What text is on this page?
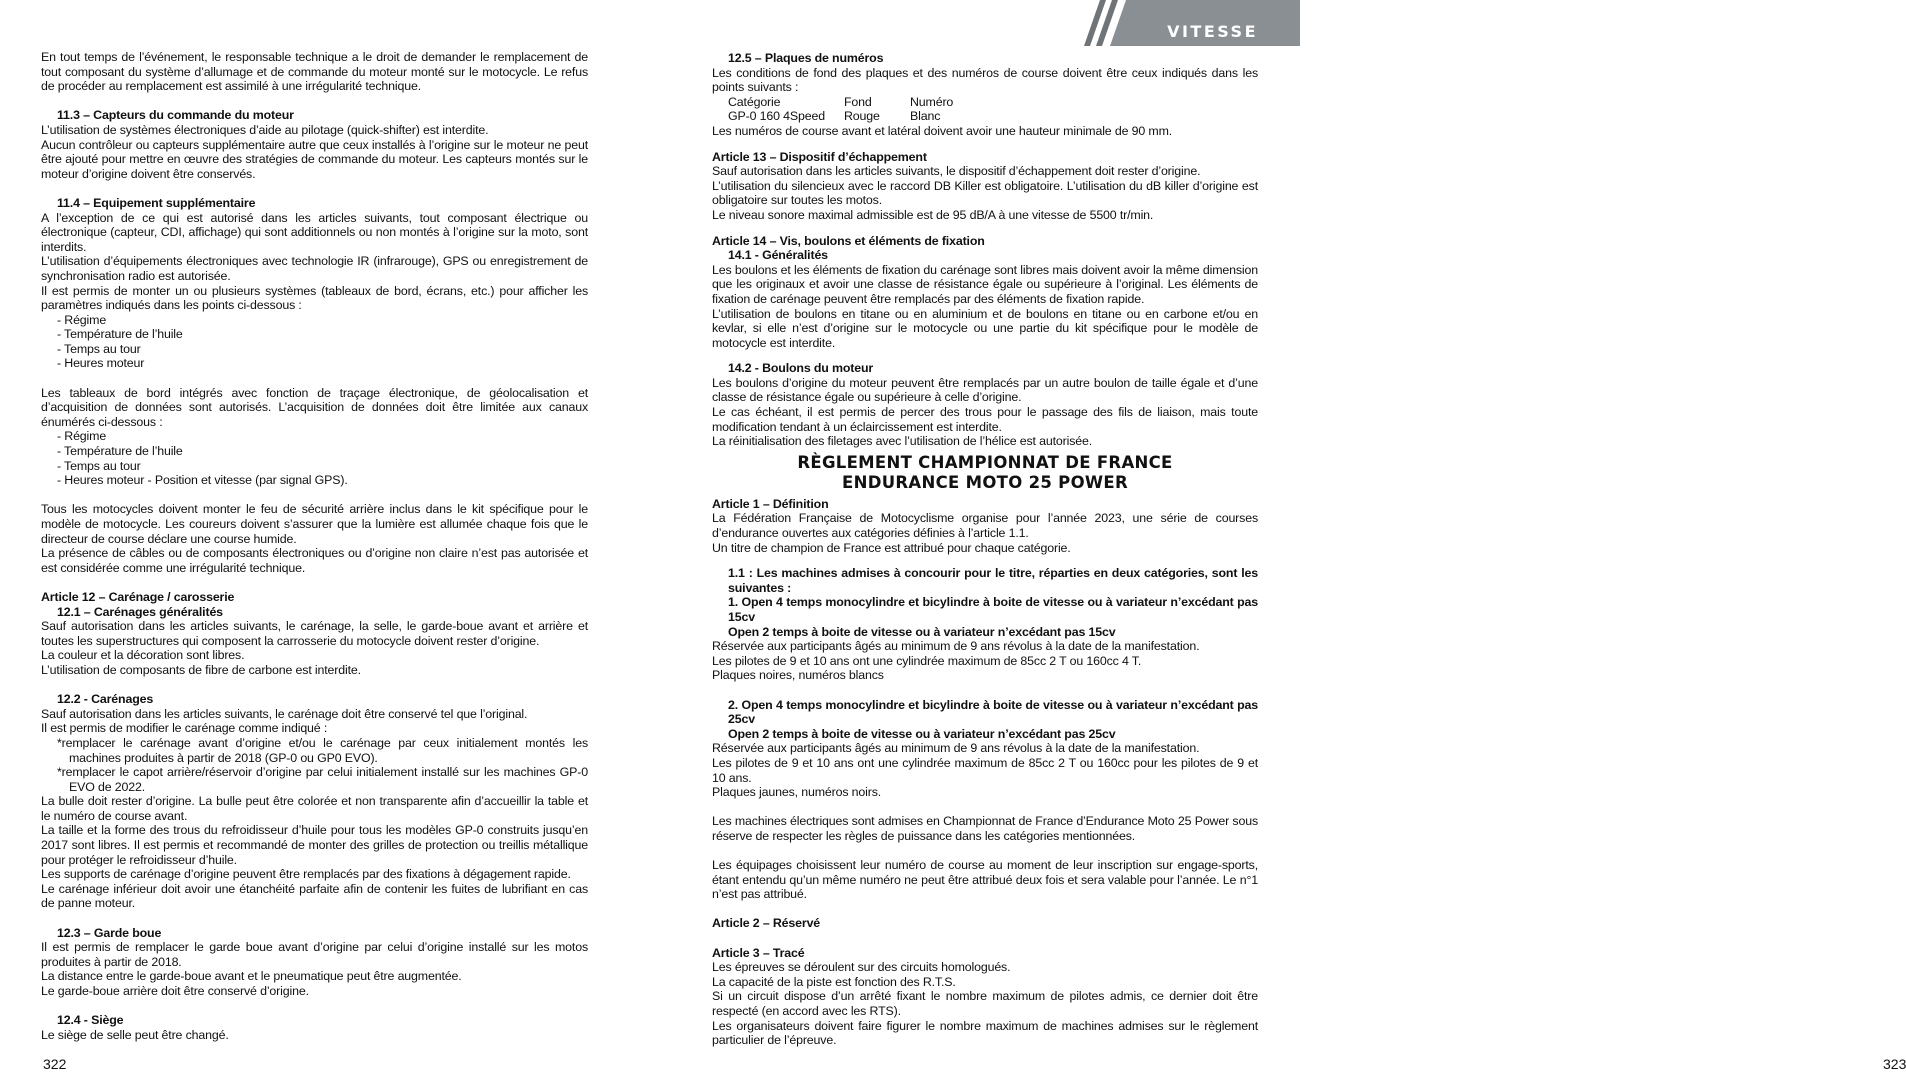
VITESSE

En tout temps de l’événement, le responsable technique a le droit de demander le remplacement de tout composant du système d’allumage et de commande du moteur monté sur le motocycle. Le refus de procéder au remplacement est assimilé à une irrégularité technique.

11.3 – Capteurs du commande du moteur

L’utilisation de systèmes électroniques d’aide au pilotage (quick-shifter) est interdite.

Aucun contrôleur ou capteurs supplémentaire autre que ceux installés à l’origine sur le moteur ne peut être ajouté pour mettre en œuvre des stratégies de commande du moteur. Les capteurs montés sur le moteur d’origine doivent être conservés.

11.4 – Equipement supplémentaire

A l’exception de ce qui est autorisé dans les articles suivants, tout composant électrique ou électronique (capteur, CDI, affichage) qui sont additionnels ou non montés à l’origine sur la moto, sont interdits.

L’utilisation d’équipements électroniques avec technologie IR (infrarouge), GPS ou enregistrement de synchronisation radio est autorisée.

Il est permis de monter un ou plusieurs systèmes (tableaux de bord, écrans, etc.) pour afficher les paramètres indiqués dans les points ci-dessous :

- Régime

- Température de l’huile

- Temps au tour

- Heures moteur

Les tableaux de bord intégrés avec fonction de traçage électronique, de géolocalisation et d’acquisition de données sont autorisés. L’acquisition de données doit être limitée aux canaux énumérés ci-dessous :

- Régime

- Température de l’huile

- Temps au tour

- Heures moteur - Position et vitesse (par signal GPS).

Tous les motocycles doivent monter le feu de sécurité arrière inclus dans le kit spécifique pour le modèle de motocycle. Les coureurs doivent s’assurer que la lumière est allumée chaque fois que le directeur de course déclare une course humide.

La présence de câbles ou de composants électroniques ou d’origine non claire n’est pas autorisée et est considérée comme une irrégularité technique.

Article 12 – Carénage / carosserie

12.1 – Carénages généralités

Sauf autorisation dans les articles suivants, le carénage, la selle, le garde-boue avant et arrière et toutes les superstructures qui composent la carrosserie du motocycle doivent rester d’origine.

La couleur et la décoration sont libres.

L’utilisation de composants de fibre de carbone est interdite.

12.2 - Carénages

Sauf autorisation dans les articles suivants, le carénage doit être conservé tel que l’original.

Il est permis de modifier le carénage comme indiqué :

*remplacer le carénage avant d’origine et/ou le carénage par ceux initialement montés les machines produites à partir de 2018 (GP-0 ou GP0 EVO).

*remplacer le capot arrière/réservoir d’origine par celui initialement installé sur les machines GP-0 EVO de 2022.

La bulle doit rester d’origine. La bulle peut être colorée et non transparente afin d’accueillir la table et le numéro de course avant.

La taille et la forme des trous du refroidisseur d’huile pour tous les modèles GP-0 construits jusqu’en 2017 sont libres. Il est permis et recommandé de monter des grilles de protection ou treillis métallique pour protéger le refroidisseur d’huile.

Les supports de carénage d’origine peuvent être remplacés par des fixations à dégagement rapide.

Le carénage inférieur doit avoir une étanchéité parfaite afin de contenir les fuites de lubrifiant en cas de panne moteur.

12.3 – Garde boue

Il est permis de remplacer le garde boue avant d’origine par celui d’origine installé sur les motos produites à partir de 2018.

La distance entre le garde-boue avant et le pneumatique peut être augmentée.

Le garde-boue arrière doit être conservé d’origine.

12.4 - Siège

Le siège de selle peut être changé.

322

12.5 – Plaques de numéros

Les conditions de fond des plaques et des numéros de course doivent être ceux indiqués dans les points suivants :

Catégorie	Fond	Numéro
GP-0 160 4Speed	Rouge	Blanc

Les numéros de course avant et latéral doivent avoir une hauteur minimale de 90 mm.

Article 13 – Dispositif d’échappement

Sauf autorisation dans les articles suivants, le dispositif d’échappement doit rester d’origine.

L’utilisation du silencieux avec le raccord DB Killer est obligatoire. L’utilisation du dB killer d’origine est obligatoire sur toutes les motos.

Le niveau sonore maximal admissible est de 95 dB/A à une vitesse de 5500 tr/min.

Article 14 – Vis, boulons et éléments de fixation

14.1 - Généralités

Les boulons et les éléments de fixation du carénage sont libres mais doivent avoir la même dimension que les originaux et avoir une classe de résistance égale ou supérieure à l’original. Les éléments de fixation de carénage peuvent être remplacés par des éléments de fixation rapide.

L’utilisation de boulons en titane ou en aluminium et de boulons en titane ou en carbone et/ou en kevlar, si elle n’est d’origine sur le motocycle ou une partie du kit spécifique pour le modèle de motocycle est interdite.

14.2 - Boulons du moteur

Les boulons d’origine du moteur peuvent être remplacés par un autre boulon de taille égale et d’une classe de résistance égale ou supérieure à celle d’origine.

Le cas échéant, il est permis de percer des trous pour le passage des fils de liaison, mais toute modification tendant à un éclaircissement est interdite.

La réinitialisation des filetages avec l’utilisation de l’hélice est autorisée.

RÈGLEMENT CHAMPIONNAT DE FRANCE
ENDURANCE MOTO 25 POWER

Article 1 – Définition

La Fédération Française de Motocyclisme organise pour l’année 2023, une série de courses d’endurance ouvertes aux catégories définies à l’article 1.1.

Un titre de champion de France est attribué pour chaque catégorie.

1.1 : Les machines admises à concourir pour le titre, réparties en deux catégories, sont les suivantes :

1. Open 4 temps monocylindre et bicylindre à boite de vitesse ou à variateur n’excédant pas 15cv

Open 2 temps à boite de vitesse ou à variateur n’excédant pas 15cv

Réservée aux participants âgés au minimum de 9 ans révolus à la date de la manifestation.

Les pilotes de 9 et 10 ans ont une cylindrée maximum de 85cc 2 T ou 160cc 4 T.

Plaques noires, numéros blancs

2. Open 4 temps monocylindre et bicylindre à boite de vitesse ou à variateur n’excédant pas 25cv

Open 2 temps à boite de vitesse ou à variateur n’excédant pas 25cv

Réservée aux participants âgés au minimum de 9 ans révolus à la date de la manifestation.

Les pilotes de 9 et 10 ans ont une cylindrée maximum de 85cc 2 T ou 160cc pour les pilotes de 9 et 10 ans.

Plaques jaunes, numéros noirs.

Les machines électriques sont admises en Championnat de France d’Endurance Moto 25 Power sous réserve de respecter les règles de puissance dans les catégories mentionnées.

Les équipages choisissent leur numéro de course au moment de leur inscription sur engage-sports, étant entendu qu’un même numéro ne peut être attribué deux fois et sera valable pour l’année. Le n°1 n’est pas attribué.

Article 2 – Réservé

Article 3 – Tracé

Les épreuves se déroulent sur des circuits homologués.

La capacité de la piste est fonction des R.T.S.

Si un circuit dispose d’un arrêté fixant le nombre maximum de pilotes admis, ce dernier doit être respecté (en accord avec les RTS).

Les organisateurs doivent faire figurer le nombre maximum de machines admises sur le règlement particulier de l’épreuve.

323
